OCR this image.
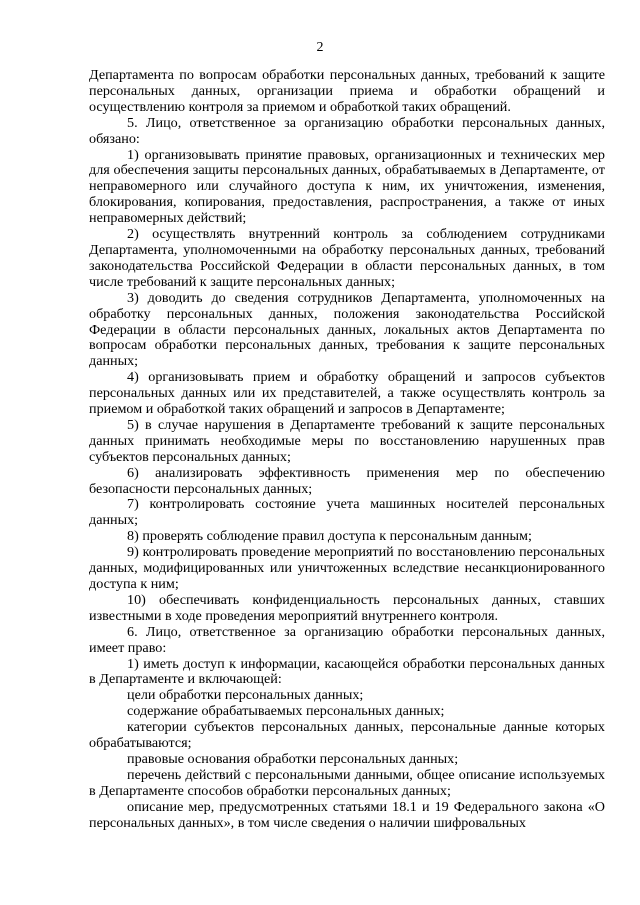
2

Департамента по вопросам обработки персональных данных, требований к защите персональных данных, организации приема и обработки обращений и осуществлению контроля за приемом и обработкой таких обращений.

5. Лицо, ответственное за организацию обработки персональных данных, обязано:

1) организовывать принятие правовых, организационных и технических мер для обеспечения защиты персональных данных, обрабатываемых в Департаменте, от неправомерного или случайного доступа к ним, их уничтожения, изменения, блокирования, копирования, предоставления, распространения, а также от иных неправомерных действий;

2) осуществлять внутренний контроль за соблюдением сотрудниками Департамента, уполномоченными на обработку персональных данных, требований законодательства Российской Федерации в области персональных данных, в том числе требований к защите персональных данных;

3) доводить до сведения сотрудников Департамента, уполномоченных на обработку персональных данных, положения законодательства Российской Федерации в области персональных данных, локальных актов Департамента по вопросам обработки персональных данных, требования к защите персональных данных;

4) организовывать прием и обработку обращений и запросов субъектов персональных данных или их представителей, а также осуществлять контроль за приемом и обработкой таких обращений и запросов в Департаменте;

5) в случае нарушения в Департаменте требований к защите персональных данных принимать необходимые меры по восстановлению нарушенных прав субъектов персональных данных;

6) анализировать эффективность применения мер по обеспечению безопасности персональных данных;

7) контролировать состояние учета машинных носителей персональных данных;

8) проверять соблюдение правил доступа к персональным данным;

9) контролировать проведение мероприятий по восстановлению персональных данных, модифицированных или уничтоженных вследствие несанкционированного доступа к ним;

10) обеспечивать конфиденциальность персональных данных, ставших известными в ходе проведения мероприятий внутреннего контроля.

6. Лицо, ответственное за организацию обработки персональных данных, имеет право:

1) иметь доступ к информации, касающейся обработки персональных данных в Департаменте и включающей:

цели обработки персональных данных;

содержание обрабатываемых персональных данных;

категории субъектов персональных данных, персональные данные которых обрабатываются;

правовые основания обработки персональных данных;

перечень действий с персональными данными, общее описание используемых в Департаменте способов обработки персональных данных;

описание мер, предусмотренных статьями 18.1 и 19 Федерального закона «О персональных данных», в том числе сведения о наличии шифровальных
